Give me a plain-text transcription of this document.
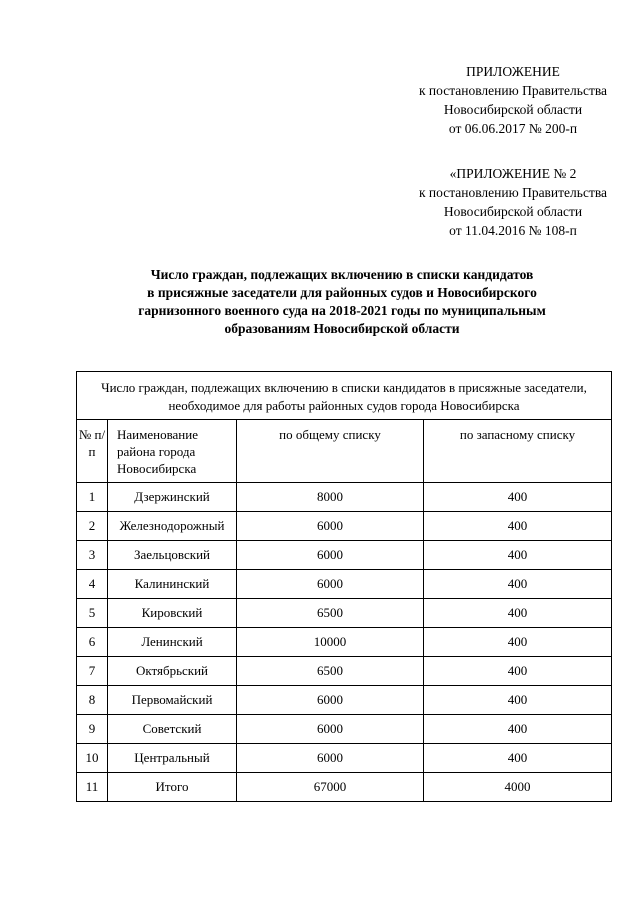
ПРИЛОЖЕНИЕ
к постановлению Правительства
Новосибирской области
от 06.06.2017 № 200-п
«ПРИЛОЖЕНИЕ № 2
к постановлению Правительства
Новосибирской области
от 11.04.2016 № 108-п
Число граждан, подлежащих включению в списки кандидатов
в присяжные заседатели для районных судов и Новосибирского
гарнизонного военного суда на 2018-2021 годы по муниципальным
образованиям Новосибирской области
Число граждан, подлежащих включению в списки кандидатов в присяжные заседатели, необходимое для работы районных судов города Новосибирска			
№ п/п	Наименование района города Новосибирска	по общему списку	по запасному списку
1	Дзержинский	8000	400
2	Железнодорожный	6000	400
3	Заельцовский	6000	400
4	Калининский	6000	400
5	Кировский	6500	400
6	Ленинский	10000	400
7	Октябрьский	6500	400
8	Первомайский	6000	400
9	Советский	6000	400
10	Центральный	6000	400
11	Итого	67000	4000
